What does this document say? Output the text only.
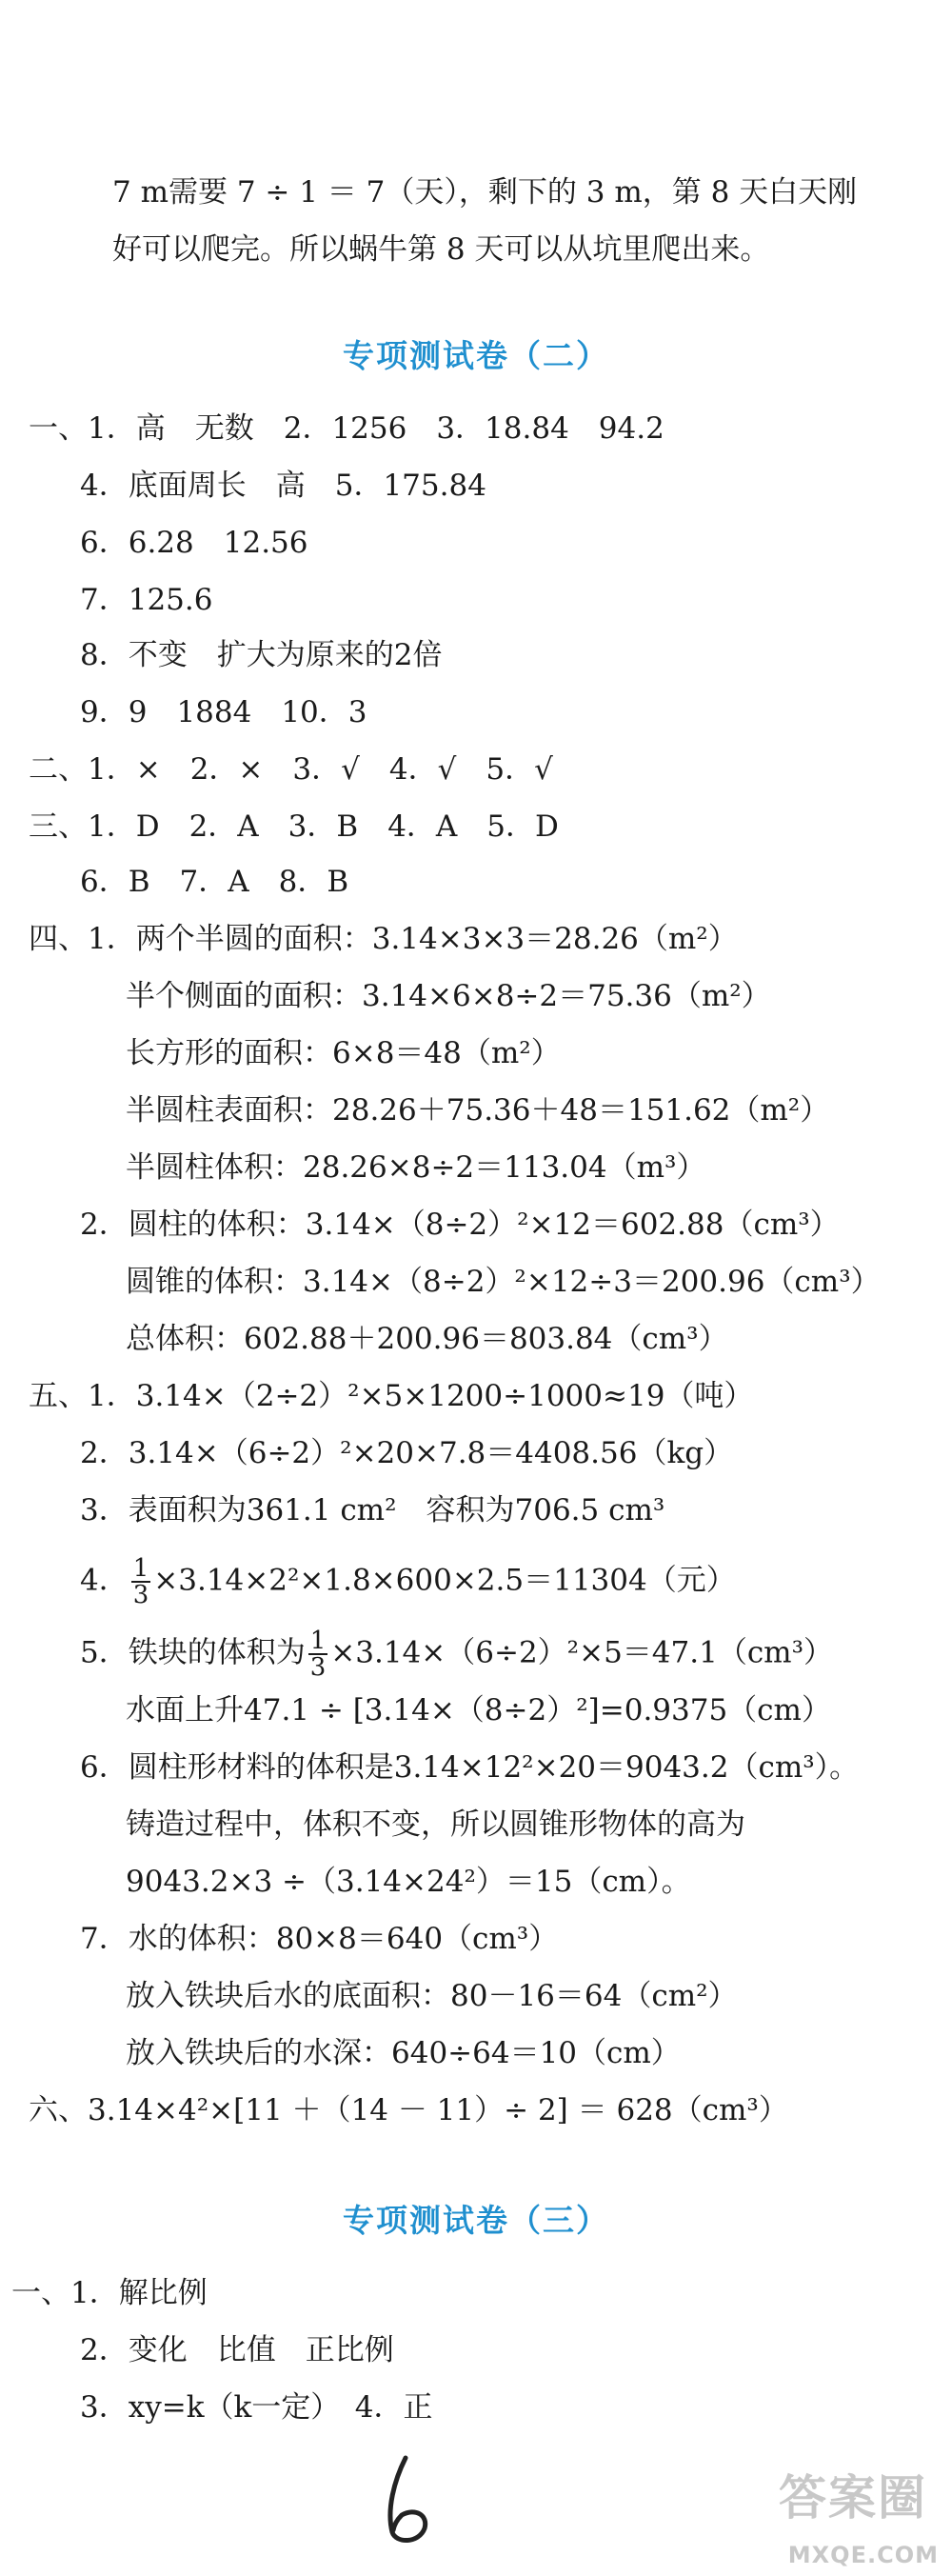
7 m需要 7 ÷ 1 ＝ 7（天），剩下的 3 m，第 8 天白天刚
好可以爬完。所以蜗牛第 8 天可以从坑里爬出来。
专项测试卷（二）
一、1．高　无数　2．1256　3．18.84　94.2
4．底面周长　高　5．175.84
6．6.28　12.56
7．125.6
8．不变　扩大为原来的2倍
9．9　1884　10．3
二、1．×　2．×　3．√　4．√　5．√
三、1．D　2．A　3．B　4．A　5．D
6．B　7．A　8．B
四、1．两个半圆的面积：3.14×3×3＝28.26（m²）
半个侧面的面积：3.14×6×8÷2＝75.36（m²）
长方形的面积：6×8＝48（m²）
半圆柱表面积：28.26＋75.36＋48＝151.62（m²）
半圆柱体积：28.26×8÷2＝113.04（m³）
2．圆柱的体积：3.14×（8÷2）²×12＝602.88（cm³）
圆锥的体积：3.14×（8÷2）²×12÷3＝200.96（cm³）
总体积：602.88＋200.96＝803.84（cm³）
五、1．3.14×（2÷2）²×5×1200÷1000≈19（吨）
2．3.14×（6÷2）²×20×7.8＝4408.56（kg）
3．表面积为361.1 cm²　容积为706.5 cm³
4． $\frac{1}{3} \times 3.14\times 2^2\times 1.8\times 600\times 2.5=11304$（元）
5．铁块的体积为 $\frac{1}{3} \times 3.14\times(6\div 2)^2\times 5=47.1(cm^3)$
水面上升47.1 ÷ [3.14×（8÷2）²]=0.9375（cm）
6．圆柱形材料的体积是3.14×12²×20＝9043.2（cm³）。
铸造过程中，体积不变，所以圆锥形物体的高为
9043.2×3 ÷（3.14×24²）＝15（cm）。
7．水的体积：80×8＝640（cm³）
放入铁块后水的底面积：80－16＝64（cm²）
放入铁块后的水深：640÷64＝10（cm）
六、3.14×4²×[11 ＋（14 － 11）÷ 2] ＝ 628（cm³）
专项测试卷（三）
一、1．解比例
2．变化　比值　正比例
3．xy=k（k一定）　4．正
答案圈
MXQE.COM
